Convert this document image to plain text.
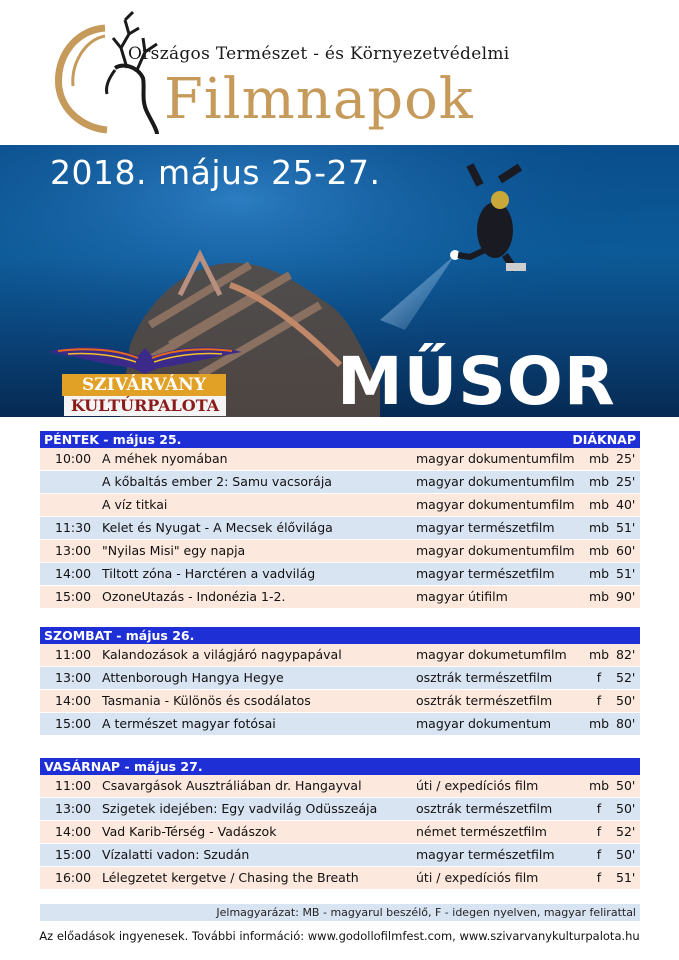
Országos Természet - és Környezetvédelmi
Filmnapok
2018. május 25-27.
SZIVÁRVÁNY
KULTÚRPALOTA MŰSOR
PÉNTEK - május 25.	DIÁKNAP
10:00 A méhek nyomában	magyar dokumentumfilm	mb 25'
A kőbaltás ember 2: Samu vacsorája	magyar dokumentumfilm	mb 25'
A víz titkai	magyar dokumentumfilm	mb 40'
11:30 Kelet és Nyugat - A Mecsek élővilága	magyar természetfilm	mb 51'
13:00 "Nyilas Misi" egy napja	magyar dokumentumfilm	mb 60'
14:00 Tiltott zóna - Harctéren a vadvilág	magyar természetfilm	mb 51'
15:00 OzoneUtazás - Indonézia 1-2.	magyar útifilm	mb 90'
SZOMBAT - május 26.
11:00 Kalandozások a világjáró nagypapával	magyar dokumetumfilm	mb 82'
13:00 Attenborough Hangya Hegye	osztrák természetfilm	f	52'
14:00 Tasmania - Különös és csodálatos	osztrák természetfilm	f	50'
15:00 A természet magyar fotósai	magyar dokumentum	mb 80'
VASÁRNAP - május 27.
11:00 Csavargások Ausztráliában dr. Hangayval	úti / expedíciós film	mb 50'
13:00 Szigetek idejében: Egy vadvilág Odüsszeája	osztrák természetfilm	f	50'
14:00 Vad Karib-Térség - Vadászok	német természetfilm	f	52'
15:00 Vízalatti vadon: Szudán	magyar természetfilm	f	50'
16:00 Lélegzetet kergetve / Chasing the Breath	úti / expedíciós film	f	51'
Jelmagyarázat: MB - magyarul beszélő, F - idegen nyelven, magyar felirattal
Az előadások ingyenesek. További információ: www.godollofilmfest.com, www.szivarvanykulturpalota.hu
